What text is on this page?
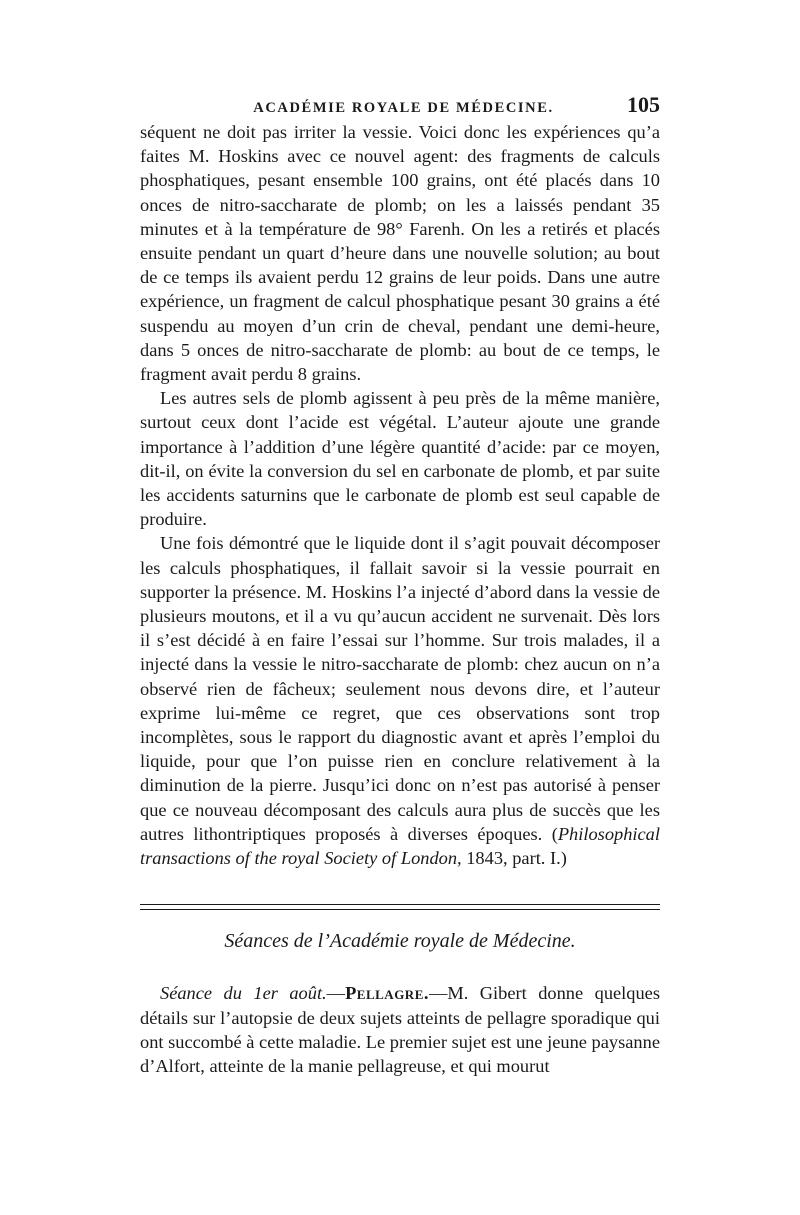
ACADÉMIE ROYALE DE MÉDECINE.	105

séquent ne doit pas irriter la vessie. Voici donc les expériences qu’a faites M. Hoskins avec ce nouvel agent: des fragments de calculs phosphatiques, pesant ensemble 100 grains, ont été placés dans 10 onces de nitro-saccharate de plomb; on les a laissés pendant 35 minutes et à la température de 98° Farenh. On les a retirés et placés ensuite pendant un quart d’heure dans une nouvelle solution; au bout de ce temps ils avaient perdu 12 grains de leur poids. Dans une autre expérience, un fragment de calcul phosphatique pesant 30 grains a été suspendu au moyen d’un crin de cheval, pendant une demi-heure, dans 5 onces de nitro-saccharate de plomb: au bout de ce temps, le fragment avait perdu 8 grains.

Les autres sels de plomb agissent à peu près de la même manière, surtout ceux dont l’acide est végétal. L’auteur ajoute une grande importance à l’addition d’une légère quantité d’acide: par ce moyen, dit-il, on évite la conversion du sel en carbonate de plomb, et par suite les accidents saturnins que le carbonate de plomb est seul capable de produire.

Une fois démontré que le liquide dont il s’agit pouvait décomposer les calculs phosphatiques, il fallait savoir si la vessie pourrait en supporter la présence. M. Hoskins l’a injecté d’abord dans la vessie de plusieurs moutons, et il a vu qu’aucun accident ne survenait. Dès lors il s’est décidé à en faire l’essai sur l’homme. Sur trois malades, il a injecté dans la vessie le nitro-saccharate de plomb: chez aucun on n’a observé rien de fâcheux; seulement nous devons dire, et l’auteur exprime lui-même ce regret, que ces observations sont trop incomplètes, sous le rapport du diagnostic avant et après l’emploi du liquide, pour que l’on puisse rien en conclure relativement à la diminution de la pierre. Jusqu’ici donc on n’est pas autorisé à penser que ce nouveau décomposant des calculs aura plus de succès que les autres lithontriptiques proposés à diverses époques. (Philosophical transactions of the royal Society of London, 1843, part. I.)

Séances de l’Académie royale de Médecine.

Séance du 1er août.—Pellagre.—M. Gibert donne quelques détails sur l’autopsie de deux sujets atteints de pellagre sporadique qui ont succombé à cette maladie. Le premier sujet est une jeune paysanne d’Alfort, atteinte de la manie pellagreuse, et qui mourut
